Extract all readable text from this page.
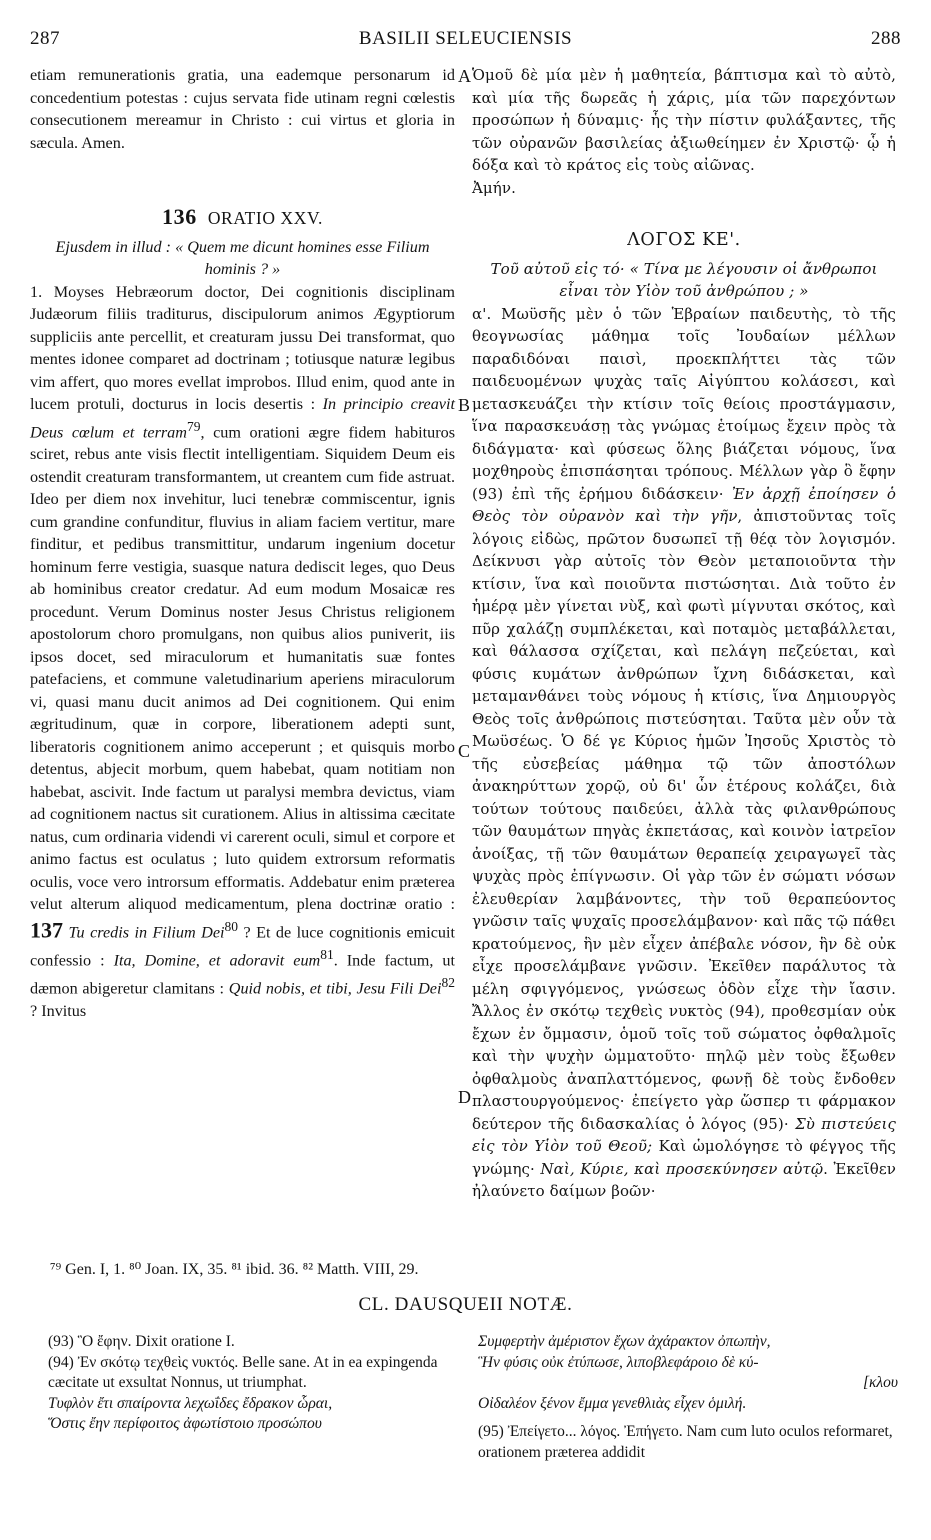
287	BASILII SELEUCIENSIS	288
A
B
C
D

etiam remunerationis gratia, una eademque personarum id concedentium potestas : cujus servata fide utinam regni cœlestis consecutionem mereamur in Christo : cui virtus et gloria in sæcula. Amen.

136 ORATIO XXV.

Ejusdem in illud : « Quem me dicunt homines esse Filium hominis ? »

1. Moyses Hebræorum doctor, Dei cognitionis disciplinam Judæorum filiis traditurus, discipulorum animos Ægyptiorum suppliciis ante percellit, et creaturam jussu Dei transformat, quo mentes idonee comparet ad doctrinam ; totiusque naturæ legibus vim affert, quo mores evellat improbos. Illud enim, quod ante in lucem protuli, docturus in locis desertis : In principio creavit Deus cœlum et terram$^{79}$, cum orationi ægre fidem habituros sciret, rebus ante visis flectit intelligentiam. Siquidem Deum eis ostendit creaturam transformantem, ut creantem cum fide astruat. Ideo per diem nox invehitur, luci tenebræ commiscentur, ignis cum grandine confunditur, fluvius in aliam faciem vertitur, mare finditur, et pedibus transmittitur, undarum ingenium docetur hominum ferre vestigia, suasque natura dediscit leges, quo Deus ab hominibus creator credatur. Ad eum modum Mosaicæ res procedunt. Verum Dominus noster Jesus Christus religionem apostolorum choro promulgans, non quibus alios puniverit, iis ipsos docet, sed miraculorum et humanitatis suæ fontes patefaciens, et commune valetudinarium aperiens miraculorum vi, quasi manu ducit animos ad Dei cognitionem. Qui enim ægritudinum, quæ in corpore, liberationem adepti sunt, liberatoris cognitionem animo acceperunt ; et quisquis morbo detentus, abjecit morbum, quem habebat, quam notitiam non habebat, ascivit. Inde factum ut paralysi membra devictus, viam ad cognitionem nactus sit curationem. Alius in altissima cæcitate natus, cum ordinaria videndi vi carerent oculi, simul et corpore et animo factus est oculatus ; luto quidem extrorsum reformatis oculis, voce vero introrsum efformatis. Addebatur enim præterea velut alterum aliquod medicamentum, plena doctrinæ oratio : 137 Tu credis in Filium Dei$^{80}$ ? Et de luce cognitionis emicuit confessio : Ita, Domine, et adoravit eum$^{81}$. Inde factum, ut dæmon abigeretur clamitans : Quid nobis, et tibi, Jesu Fili Dei$^{82}$ ? Invitus

Ὁμοῦ δὲ μία μὲν ἡ μαθητεία, βάπτισμα καὶ τὸ αὐτὸ, καὶ μία τῆς δωρεᾶς ἡ χάρις, μία τῶν παρεχόντων προσώπων ἡ δύναμις· ἧς τὴν πίστιν φυλάξαντες, τῆς τῶν οὐρανῶν βασιλείας ἀξιωθείημεν ἐν Χριστῷ· ᾧ ἡ δόξα καὶ τὸ κράτος εἰς τοὺς αἰῶνας.

Ἀμήν.

ΛΟΓΟΣ ΚΕ'.

Τοῦ αὐτοῦ εἰς τό· « Τίνα με λέγουσιν οἱ ἄνθρωποι εἶναι τὸν Υἱὸν τοῦ ἀνθρώπου ; »

α'. Μωϋσῆς μὲν ὁ τῶν Ἑβραίων παιδευτὴς, τὸ τῆς θεογνωσίας μάθημα τοῖς Ἰουδαίων μέλλων παραδιδόναι παισὶ, προεκπλήττει τὰς τῶν παιδευομένων ψυχὰς ταῖς Αἰγύπτου κολάσεσι, καὶ μετασκευάζει τὴν κτίσιν τοῖς θείοις προστάγμασιν, ἵνα παρασκευάσῃ τὰς γνώμας ἑτοίμως ἔχειν πρὸς τὰ διδάγματα· καὶ φύσεως ὅλης βιάζεται νόμους, ἵνα μοχθηροὺς ἐπισπάσηται τρόπους. Μέλλων γὰρ ὃ ἔφην (93) ἐπὶ τῆς ἐρήμου διδάσκειν· Ἐν ἀρχῇ ἐποίησεν ὁ Θεὸς τὸν οὐρανὸν καὶ τὴν γῆν, ἀπιστοῦντας τοῖς λόγοις εἰδὼς, πρῶτον δυσωπεῖ τῇ θέᾳ τὸν λογισμόν. Δείκνυσι γὰρ αὐτοῖς τὸν Θεὸν μεταποιοῦντα τὴν κτίσιν, ἵνα καὶ ποιοῦντα πιστώσηται. Διὰ τοῦτο ἐν ἡμέρᾳ μὲν γίνεται νὺξ, καὶ φωτὶ μίγνυται σκότος, καὶ πῦρ χαλάζῃ συμπλέκεται, καὶ ποταμὸς μεταβάλλεται, καὶ θάλασσα σχίζεται, καὶ πελάγη πεζεύεται, καὶ φύσις κυμάτων ἀνθρώπων ἴχνη διδάσκεται, καὶ μεταμανθάνει τοὺς νόμους ἡ κτίσις, ἵνα Δημιουργὸς Θεὸς τοῖς ἀνθρώποις πιστεύσηται. Ταῦτα μὲν οὖν τὰ Μωϋσέως. Ὁ δέ γε Κύριος ἡμῶν Ἰησοῦς Χριστὸς τὸ τῆς εὐσεβείας μάθημα τῷ τῶν ἀποστόλων ἀνακηρύττων χορῷ, οὐ δι' ὧν ἑτέρους κολάζει, διὰ τούτων τούτους παιδεύει, ἀλλὰ τὰς φιλανθρώπους τῶν θαυμάτων πηγὰς ἐκπετάσας, καὶ κοινὸν ἰατρεῖον ἀνοίξας, τῇ τῶν θαυμάτων θεραπείᾳ χειραγωγεῖ τὰς ψυχὰς πρὸς ἐπίγνωσιν. Οἱ γὰρ τῶν ἐν σώματι νόσων ἐλευθερίαν λαμβάνοντες, τὴν τοῦ θεραπεύοντος γνῶσιν ταῖς ψυχαῖς προσελάμβανον· καὶ πᾶς τῷ πάθει κρατούμενος, ἣν μὲν εἶχεν ἀπέβαλε νόσον, ἣν δὲ οὐκ εἶχε προσελάμβανε γνῶσιν. Ἐκεῖθεν παράλυτος τὰ μέλη σφιγγόμενος, γνώσεως ὁδὸν εἶχε τὴν ἴασιν. Ἄλλος ἐν σκότῳ τεχθεὶς νυκτὸς (94), προθεσμίαν οὐκ ἔχων ἐν ὄμμασιν, ὁμοῦ τοῖς τοῦ σώματος ὀφθαλμοῖς καὶ τὴν ψυχὴν ὠμματοῦτο· πηλῷ μὲν τοὺς ἔξωθεν ὀφθαλμοὺς ἀναπλαττόμενος, φωνῇ δὲ τοὺς ἔνδοθεν πλαστουργούμενος· ἐπείγετο γὰρ ὥσπερ τι φάρμακον δεύτερον τῆς διδασκαλίας ὁ λόγος (95)· Σὺ πιστεύεις εἰς τὸν Υἱὸν τοῦ Θεοῦ; Καὶ ὡμολόγησε τὸ φέγγος τῆς γνώμης· Ναὶ, Κύριε, καὶ προσεκύνησεν αὐτῷ. Ἐκεῖθεν ἠλαύνετο δαίμων βοῶν·

⁷⁹ Gen. I, 1. ⁸⁰ Joan. IX, 35. ⁸¹ ibid. 36. ⁸² Matth. VIII, 29.
CL. DAUSQUEII NOTÆ.

(93) Ὃ ἔφην. Dixit oratione I.

(94) Ἐν σκότῳ τεχθεὶς νυκτός. Belle sane. At in ea expingenda cæcitate ut exsultat Nonnus, ut triumphat.

Τυφλὸν ἔτι σπαίροντα λεχωΐδες ἔδρακον ὧραι,

Ὅστις ἔην περίφοιτος ἀφωτίστοιο προσώπου

Συμφερτὴν ἀμέριστον ἔχων ἀχάρακτον ὀπωπὴν,

Ἣν φύσις οὐκ ἐτύπωσε, λιποβλεφάροιο δὲ κύ-

[κλου

Οἰδαλέον ξένον ἔμμα γενεθλιὰς εἶχεν ὁμιλή.

(95) Ἐπείγετο... λόγος. Ἐπήγετο. Nam cum luto oculos reformaret, orationem præterea addidit
